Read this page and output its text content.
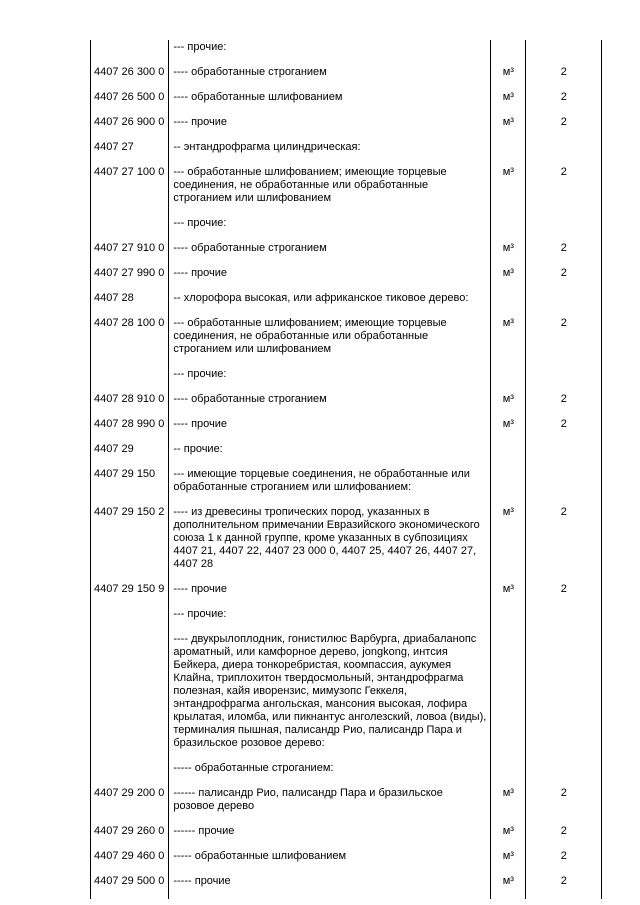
	--- прочие:		
4407 26 300 0	---- обработанные строганием	м³	2
4407 26 500 0	---- обработанные шлифованием	м³	2
4407 26 900 0	---- прочие	м³	2
4407 27	-- энтандрофрагма цилиндрическая:		
4407 27 100 0	--- обработанные шлифованием; имеющие торцевые соединения, не обработанные или обработанные строганием или шлифованием	м³	2
	--- прочие:		
4407 27 910 0	---- обработанные строганием	м³	2
4407 27 990 0	---- прочие	м³	2
4407 28	-- хлорофора высокая, или африканское тиковое дерево:		
4407 28 100 0	--- обработанные шлифованием; имеющие торцевые соединения, не обработанные или обработанные строганием или шлифованием	м³	2
	--- прочие:		
4407 28 910 0	---- обработанные строганием	м³	2
4407 28 990 0	---- прочие	м³	2
4407 29	-- прочие:		
4407 29 150	--- имеющие торцевые соединения, не обработанные или обработанные строганием или шлифованием:		
4407 29 150 2	---- из древесины тропических пород, указанных в дополнительном примечании Евразийского экономического союза 1 к данной группе, кроме указанных в субпозициях 4407 21, 4407 22, 4407 23 000 0, 4407 25, 4407 26, 4407 27, 4407 28	м³	2
4407 29 150 9	---- прочие	м³	2
	--- прочие:		
	---- двукрылоплодник, гонистилюс Варбурга, дриабаланопс ароматный, или камфорное дерево, jongkong, интсия Бейкера, диера тонкоребристая, коомпассия, аукумея Клайна, триплохитон твердосмольный, энтандрофрагма полезная, кайя иворензис, мимузопс Геккеля, энтандрофрагма ангольская, мансония высокая, лофира крылатая, иломба, или пикнантус анголезский, ловоа (виды), терминалия пышная, палисандр Рио, палисандр Пара и бразильское розовое дерево:		
	----- обработанные строганием:		
4407 29 200 0	------ палисандр Рио, палисандр Пара и бразильское розовое дерево	м³	2
4407 29 260 0	------ прочие	м³	2
4407 29 460 0	----- обработанные шлифованием	м³	2
4407 29 500 0	----- прочие	м³	2
